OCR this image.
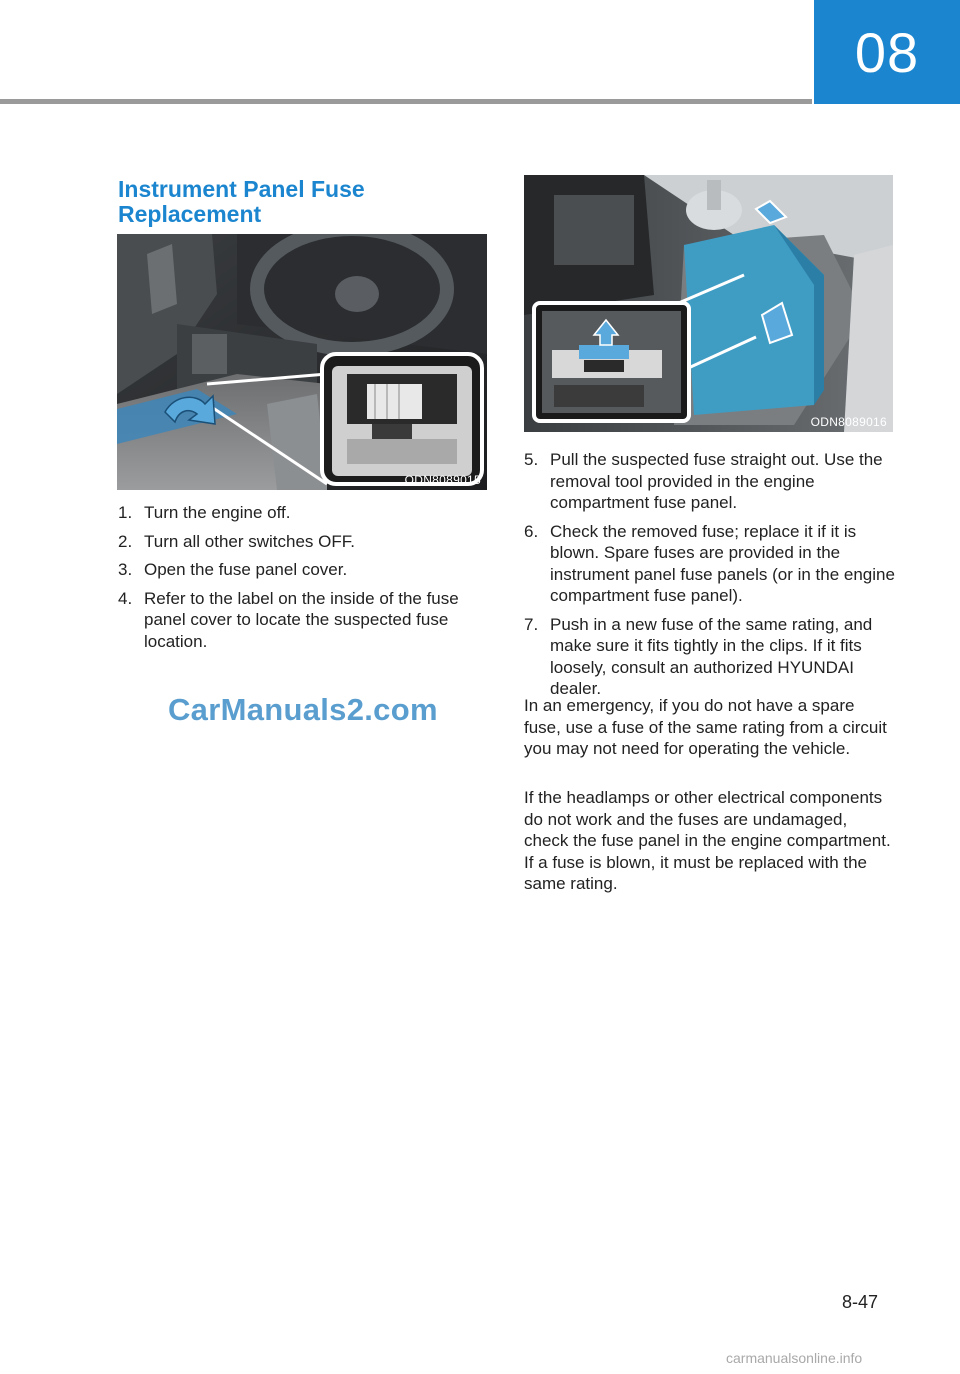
08
Instrument Panel Fuse Replacement
ODN8089015
ODN8089016
1. Turn the engine off.
2. Turn all other switches OFF.
3. Open the fuse panel cover.
4. Refer to the label on the inside of the fuse panel cover to locate the suspected fuse location.
CarManuals2.com
5. Pull the suspected fuse straight out. Use the removal tool provided in the engine compartment fuse panel.
6. Check the removed fuse; replace it if it is blown. Spare fuses are provided in the instrument panel fuse panels (or in the engine compartment fuse panel).
7. Push in a new fuse of the same rating, and make sure it fits tightly in the clips. If it fits loosely, consult an authorized HYUNDAI dealer.

In an emergency, if you do not have a spare fuse, use a fuse of the same rating from a circuit you may not need for operating the vehicle.

If the headlamps or other electrical components do not work and the fuses are undamaged, check the fuse panel in the engine compartment. If a fuse is blown, it must be replaced with the same rating.

8-47
carmanualsonline.info
